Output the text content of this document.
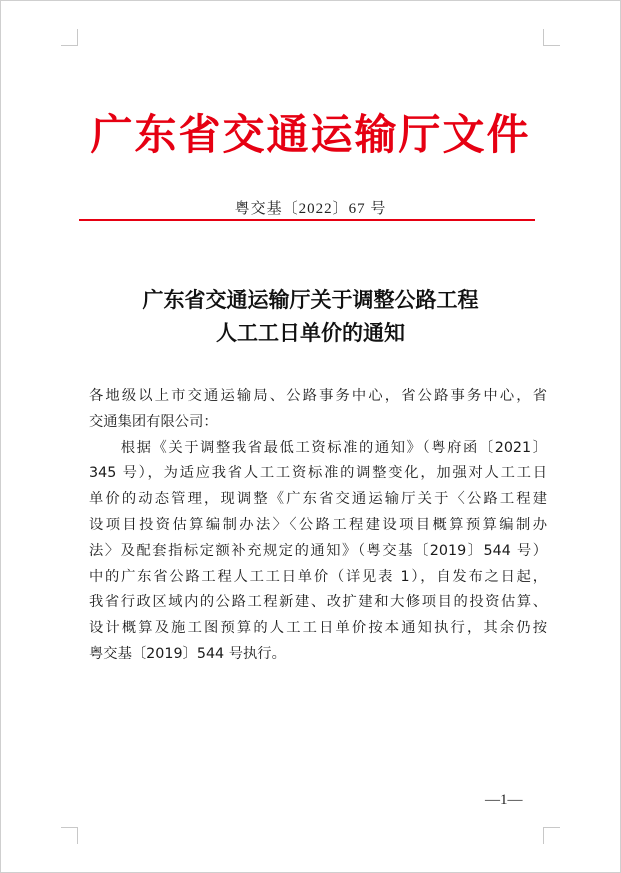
广东省交通运输厅文件
粤交基〔2022〕67 号
广东省交通运输厅关于调整公路工程
人工工日单价的通知
各地级以上市交通运输局、公路事务中心，省公路事务中心，省
交通集团有限公司：
　　根据《关于调整我省最低工资标准的通知》（粤府函〔2021〕
345 号），为适应我省人工工资标准的调整变化，加强对人工工日
单价的动态管理，现调整《广东省交通运输厅关于〈公路工程建
设项目投资估算编制办法〉〈公路工程建设项目概算预算编制办
法〉及配套指标定额补充规定的通知》（粤交基〔2019〕544 号）
中的广东省公路工程人工工日单价（详见表 1），自发布之日起，
我省行政区域内的公路工程新建、改扩建和大修项目的投资估算、
设计概算及施工图预算的人工工日单价按本通知执行，其余仍按
粤交基〔2019〕544 号执行。
—1—
